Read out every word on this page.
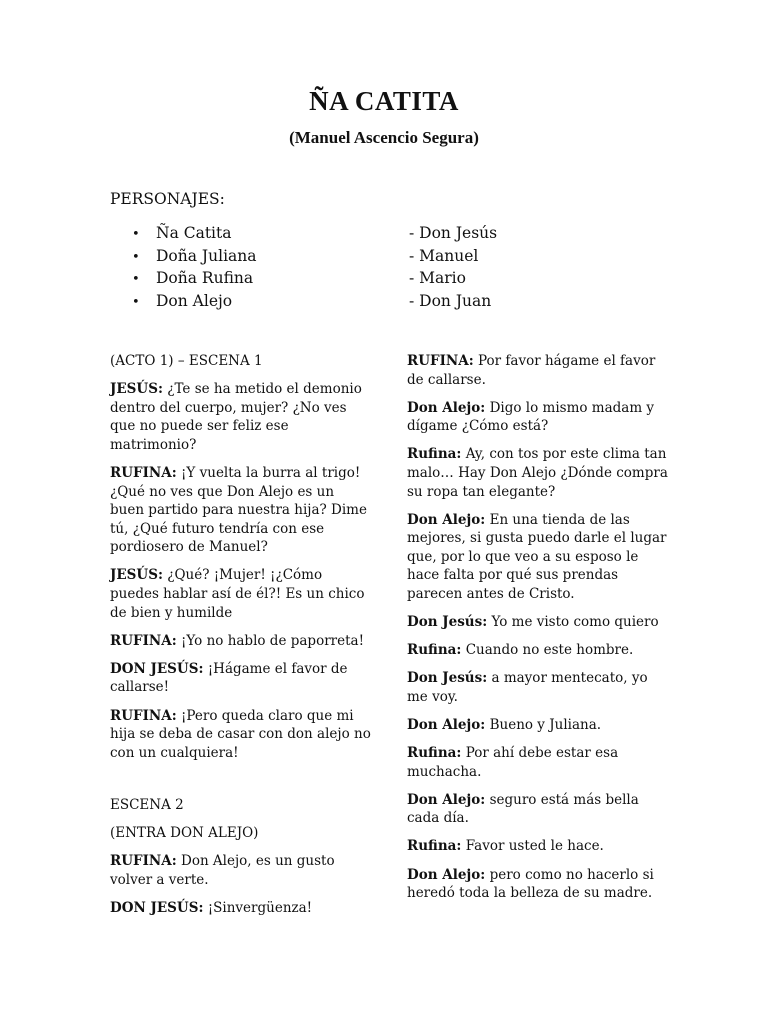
ÑA CATITA
(Manuel Ascencio Segura)
PERSONAJES:
• Ña Catita
• Doña Juliana
• Doña Rufina
• Don Alejo
- Don Jesús
- Manuel
- Mario
- Don Juan

(ACTO 1) – ESCENA 1

JESÚS: ¿Te se ha metido el demonio dentro del cuerpo, mujer? ¿No ves que no puede ser feliz ese matrimonio?

RUFINA: ¡Y vuelta la burra al trigo! ¿Qué no ves que Don Alejo es un buen partido para nuestra hija? Dime tú, ¿Qué futuro tendría con ese pordiosero de Manuel?

JESÚS: ¿Qué? ¡Mujer! ¡¿Cómo puedes hablar así de él?! Es un chico de bien y humilde

RUFINA: ¡Yo no hablo de paporreta!

DON JESÚS: ¡Hágame el favor de callarse!

RUFINA: ¡Pero queda claro que mi hija se deba de casar con don alejo no con un cualquiera!

ESCENA 2

(ENTRA DON ALEJO)

RUFINA: Don Alejo, es un gusto volver a verte.

DON JESÚS: ¡Sinvergüenza!

RUFINA: Por favor hágame el favor de callarse.

Don Alejo: Digo lo mismo madam y dígame ¿Cómo está?

Rufina: Ay, con tos por este clima tan malo… Hay Don Alejo ¿Dónde compra su ropa tan elegante?

Don Alejo: En una tienda de las mejores, si gusta puedo darle el lugar que, por lo que veo a su esposo le hace falta por qué sus prendas parecen antes de Cristo.

Don Jesús: Yo me visto como quiero

Rufina: Cuando no este hombre.

Don Jesús: a mayor mentecato, yo me voy.

Don Alejo: Bueno y Juliana.

Rufina: Por ahí debe estar esa muchacha.

Don Alejo: seguro está más bella cada día.

Rufina: Favor usted le hace.

Don Alejo: pero como no hacerlo si heredó toda la belleza de su madre.
